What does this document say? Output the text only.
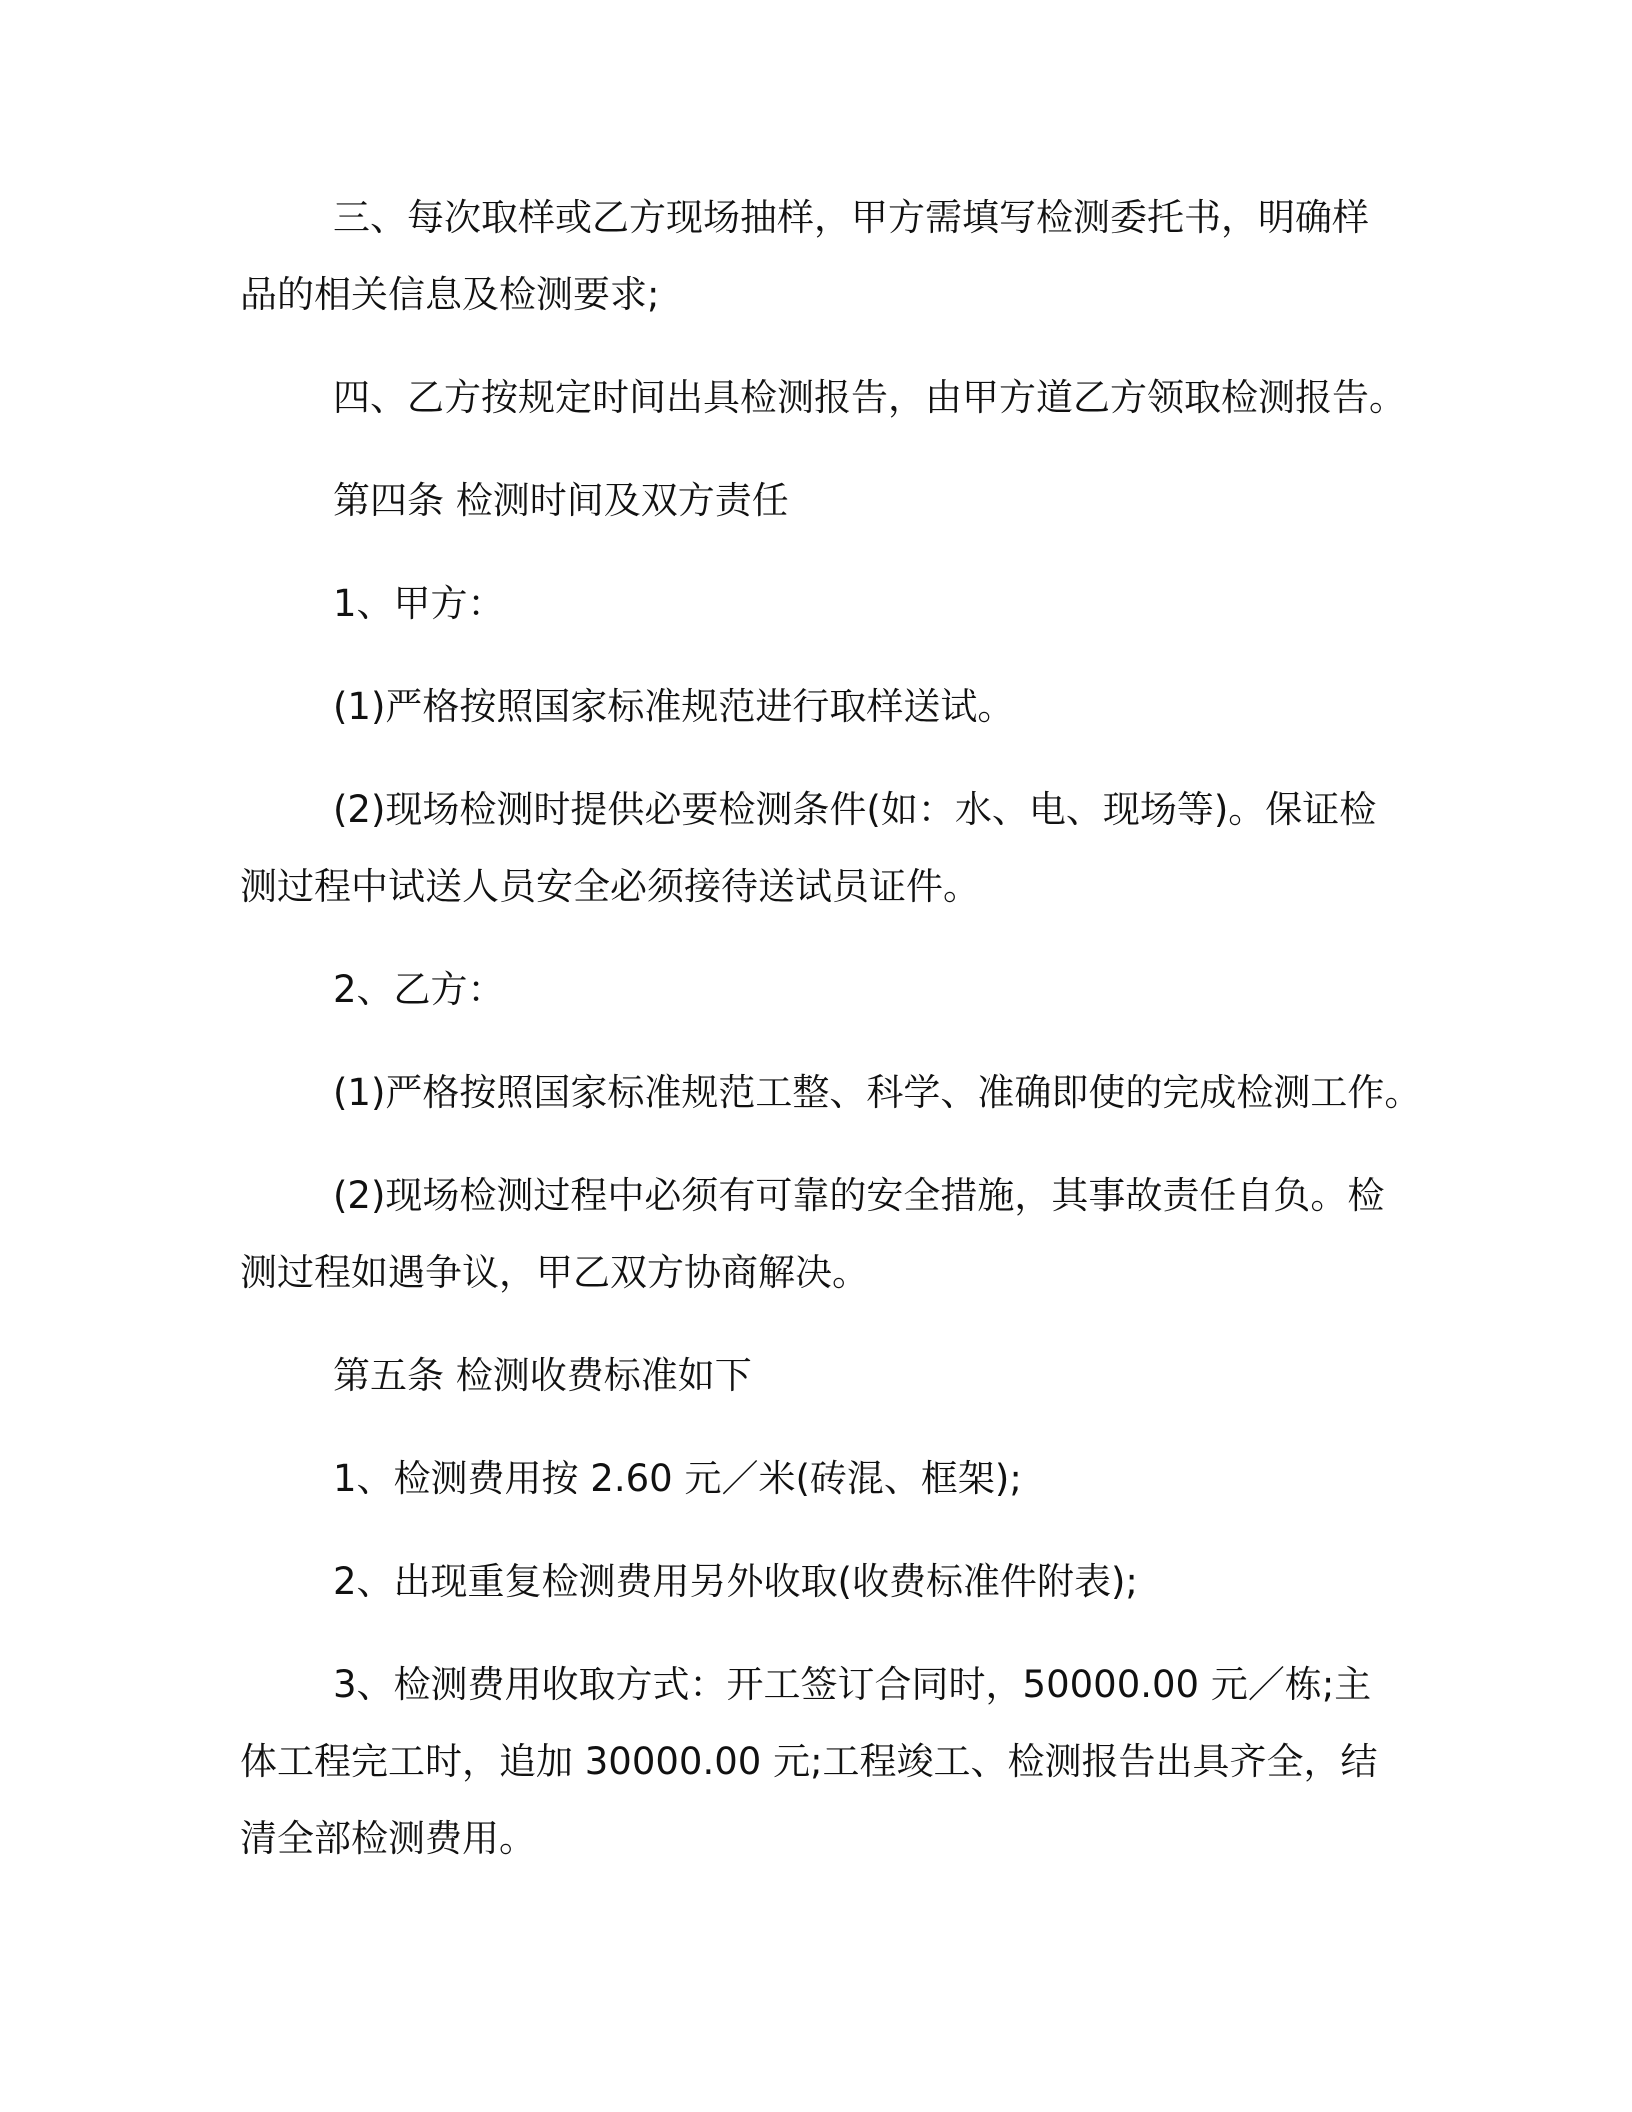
三、每次取样或乙方现场抽样，甲方需填写检测委托书，明确样
品的相关信息及检测要求;

四、乙方按规定时间出具检测报告，由甲方道乙方领取检测报告。

第四条 检测时间及双方责任

1、甲方：

(1)严格按照国家标准规范进行取样送试。

(2)现场检测时提供必要检测条件(如：水、电、现场等)。保证检
测过程中试送人员安全必须接待送试员证件。

2、乙方：

(1)严格按照国家标准规范工整、科学、准确即使的完成检测工作。

(2)现场检测过程中必须有可靠的安全措施，其事故责任自负。检
测过程如遇争议，甲乙双方协商解决。

第五条 检测收费标准如下

1、检测费用按 2.60 元／米(砖混、框架);

2、出现重复检测费用另外收取(收费标准件附表);

3、检测费用收取方式：开工签订合同时，50000.00 元／栋;主
体工程完工时，追加 30000.00 元;工程竣工、检测报告出具齐全，结
清全部检测费用。
